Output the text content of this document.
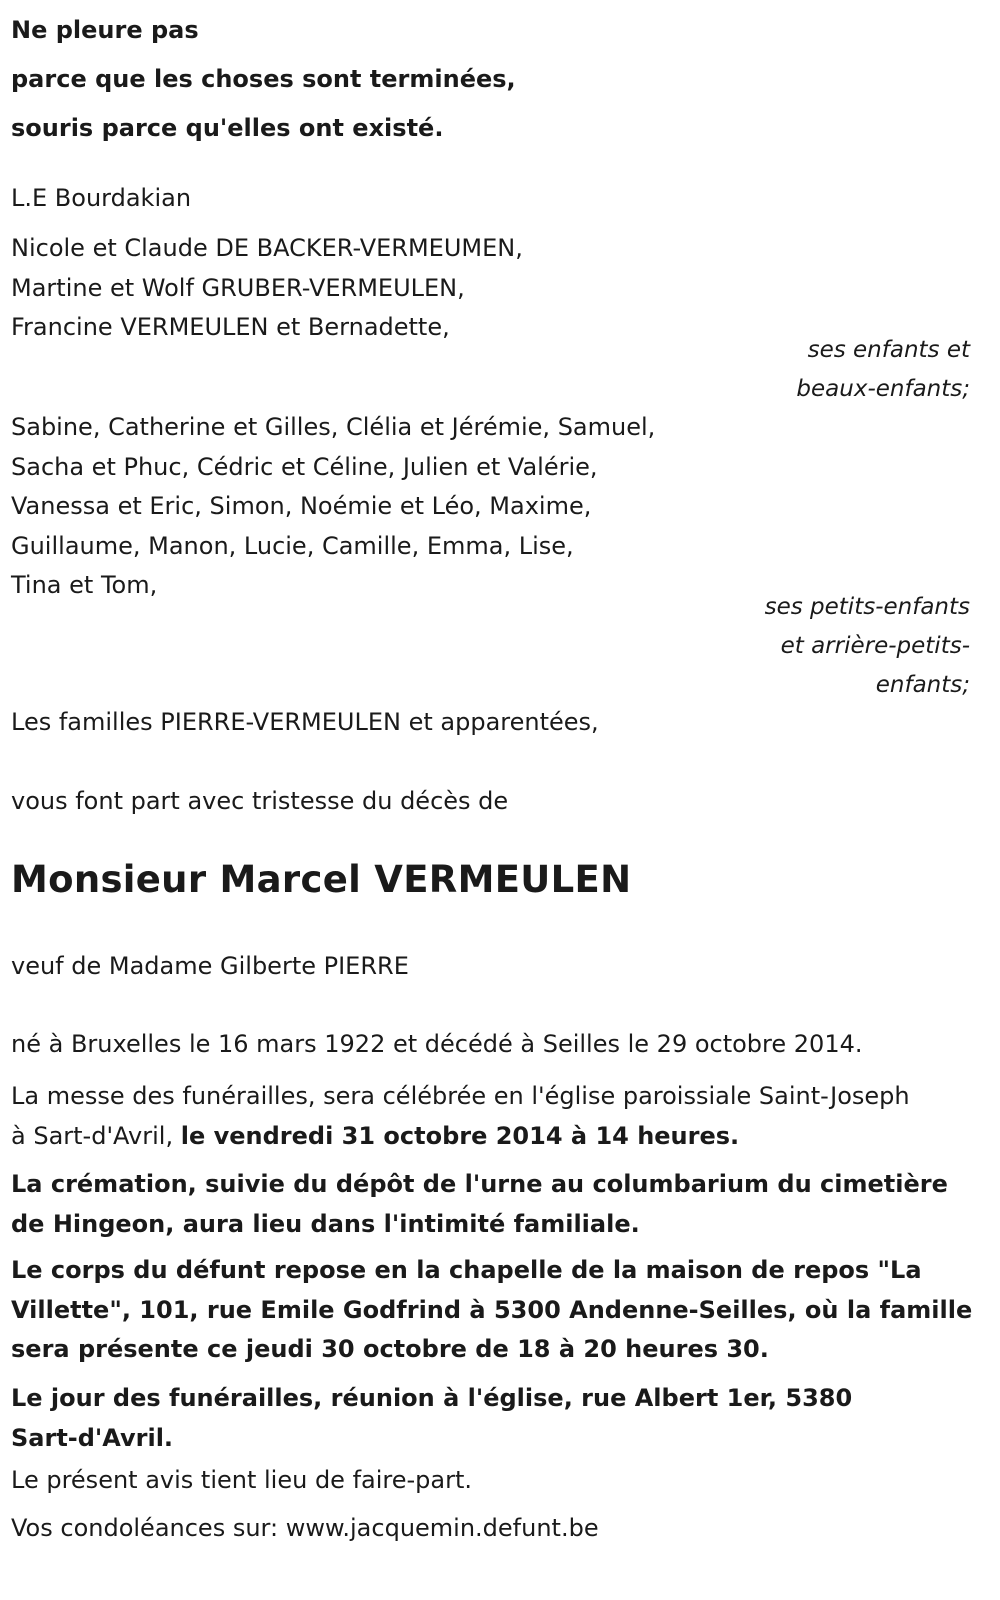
Ne pleure pas
parce que les choses sont terminées,
souris parce qu'elles ont existé.
L.E Bourdakian
Nicole et Claude DE BACKER-VERMEUMEN,
Martine et Wolf GRUBER-VERMEULEN,
Francine VERMEULEN et Bernadette,
ses enfants et
beaux-enfants;
Sabine, Catherine et Gilles, Clélia et Jérémie, Samuel,
Sacha et Phuc, Cédric et Céline, Julien et Valérie,
Vanessa et Eric, Simon, Noémie et Léo, Maxime,
Guillaume, Manon, Lucie, Camille, Emma, Lise,
Tina et Tom,
ses petits-enfants
et arrière-petits-
enfants;
Les familles PIERRE-VERMEULEN et apparentées,
vous font part avec tristesse du décès de
Monsieur Marcel VERMEULEN
veuf de Madame Gilberte PIERRE
né à Bruxelles le 16 mars 1922 et décédé à Seilles le 29 octobre 2014.
La messe des funérailles, sera célébrée en l'église paroissiale Saint-Joseph
à Sart-d'Avril, le vendredi 31 octobre 2014 à 14 heures.
La crémation, suivie du dépôt de l'urne au columbarium du cimetière
de Hingeon, aura lieu dans l'intimité familiale.
Le corps du défunt repose en la chapelle de la maison de repos "La
Villette", 101, rue Emile Godfrind à 5300 Andenne-Seilles, où la famille
sera présente ce jeudi 30 octobre de 18 à 20 heures 30.
Le jour des funérailles, réunion à l'église, rue Albert 1er, 5380
Sart-d'Avril.
Le présent avis tient lieu de faire-part.
Vos condoléances sur: www.jacquemin.defunt.be
